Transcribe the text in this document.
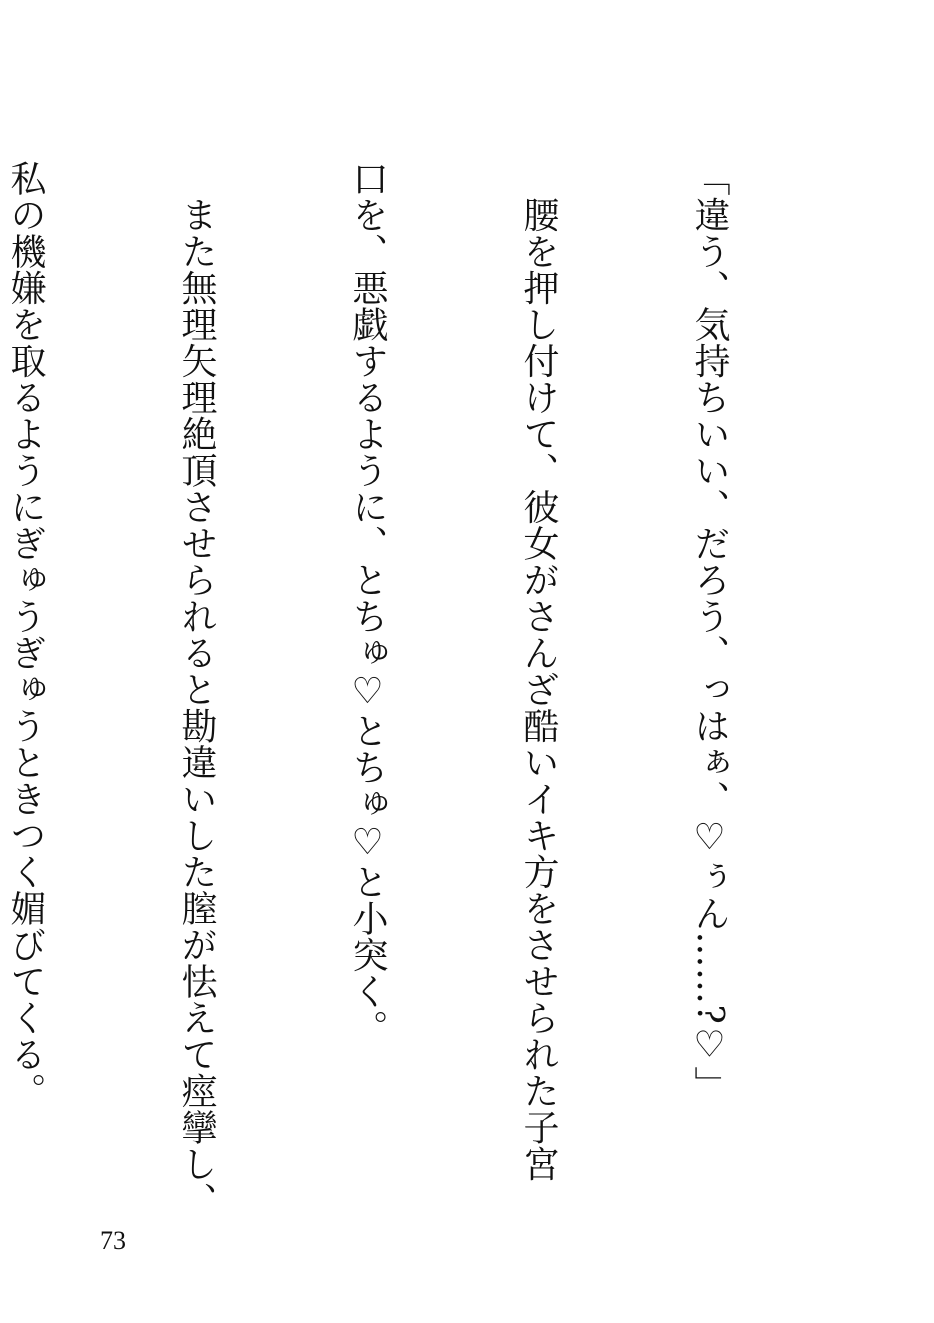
「違う、気持ちいい、だろう、っはぁ、♡ぅん……?♡」

　腰を押し付けて、彼女がさんざ酷いイキ方をさせられた子宮

口を、悪戯するように、とちゅ♡とちゅ♡と小突く。

　また無理矢理絶頂させられると勘違いした膣が怯えて痙攣し、

私の機嫌を取るようにぎゅうぎゅうときつく媚びてくる。

73
